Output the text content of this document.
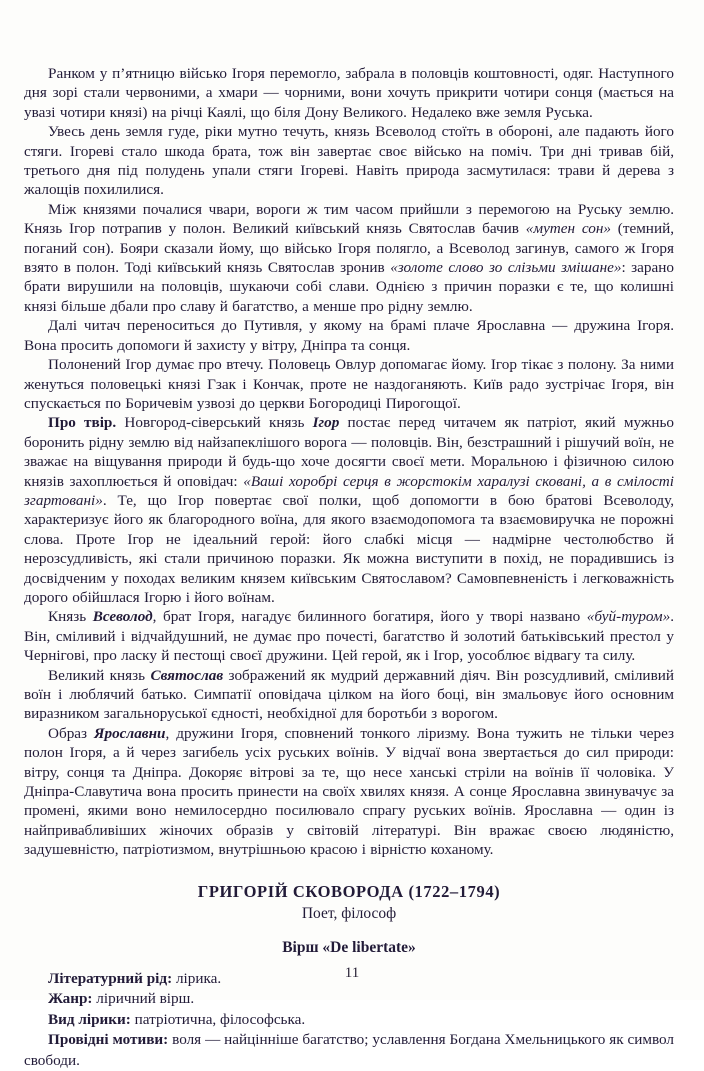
Ранком у п’ятницю військо Ігоря перемогло, забрала в половців коштовності, одяг. Наступного дня зорі стали червоними, а хмари — чорними, вони хочуть прикрити чотири сонця (мається на увазі чотири князі) на річці Каялі, що біля Дону Великого. Недалеко вже земля Руська.

Увесь день земля гуде, ріки мутно течуть, князь Всеволод стоїть в обороні, але падають його стяги. Ігореві стало шкода брата, тож він завертає своє військо на поміч. Три дні тривав бій, третього дня під полудень упали стяги Ігореві. Навіть природа засмутилася: трави й дерева з жалощів похилилися.

Між князями почалися чвари, вороги ж тим часом прийшли з перемогою на Руську землю. Князь Ігор потрапив у полон. Великий київський князь Святослав бачив «мутен сон» (темний, поганий сон). Бояри сказали йому, що військо Ігоря полягло, а Всеволод загинув, самого ж Ігоря взято в полон. Тоді київський князь Святослав зронив «золоте слово зо слізьми змішане»: зарано брати вирушили на половців, шукаючи собі слави. Однією з причин поразки є те, що колишні князі більше дбали про славу й багатство, а менше про рідну землю.

Далі читач переноситься до Путивля, у якому на брамі плаче Ярославна — дружина Ігоря. Вона просить допомоги й захисту у вітру, Дніпра та сонця.

Полонений Ігор думає про втечу. Половець Овлур допомагає йому. Ігор тікає з полону. За ними женуться половецькі князі Гзак і Кончак, проте не наздоганяють. Київ радо зустрічає Ігоря, він спускається по Боричевім узвозі до церкви Богородиці Пирогощої.

Про твір. Новгород-сіверський князь Ігор постає перед читачем як патріот, який мужньо боронить рідну землю від найзапеклішого ворога — половців. Він, безстрашний і рішучий воїн, не зважає на віщування природи й будь-що хоче досягти своєї мети. Моральною і фізичною силою князів захоплюється й оповідач: «Ваші хоробрі серця в жорстокім харалузі сковані, а в смілості згартовані». Те, що Ігор повертає свої полки, щоб допомогти в бою братові Всеволоду, характеризує його як благородного воїна, для якого взаємодопомога та взаємовиручка не порожні слова. Проте Ігор не ідеальний герой: його слабкі місця — надмірне честолюбство й нерозсудливість, які стали причиною поразки. Як можна виступити в похід, не порадившись із досвідченим у походах великим князем київським Святославом? Самовпевненість і легковажність дорого обійшлася Ігорю і його воїнам.

Князь Всеволод, брат Ігоря, нагадує билинного богатиря, його у творі названо «буй-туром». Він, сміливий і відчайдушний, не думає про почесті, багатство й золотий батьківський престол у Чернігові, про ласку й пестощі своєї дружини. Цей герой, як і Ігор, уособлює відвагу та силу.

Великий князь Святослав зображений як мудрий державний діяч. Він розсудливий, сміливий воїн і люблячий батько. Симпатії оповідача цілком на його боці, він змальовує його основним виразником загальноруської єдності, необхідної для боротьби з ворогом.

Образ Ярославни, дружини Ігоря, сповнений тонкого ліризму. Вона тужить не тільки через полон Ігоря, а й через загибель усіх руських воїнів. У відчаї вона звертається до сил природи: вітру, сонця та Дніпра. Докоряє вітрові за те, що несе ханські стріли на воїнів її чоловіка. У Дніпра-Славутича вона просить принести на своїх хвилях князя. А сонце Ярославна звинувачує за промені, якими воно немилосердно посилювало спрагу руських воїнів. Ярославна — один із найпривабливіших жіночих образів у світовій літературі. Він вражає своєю людяністю, задушевністю, патріотизмом, внутрішньою красою і вірністю коханому.

ГРИГОРІЙ СКОВОРОДА (1722–1794)

Поет, філософ

Вірш «De libertate»

Літературний рід: лірика.

Жанр: ліричний вірш.

Вид лірики: патріотична, філософська.

Провідні мотиви: воля — найцінніше багатство; уславлення Богдана Хмельницького як символ свободи.

11
